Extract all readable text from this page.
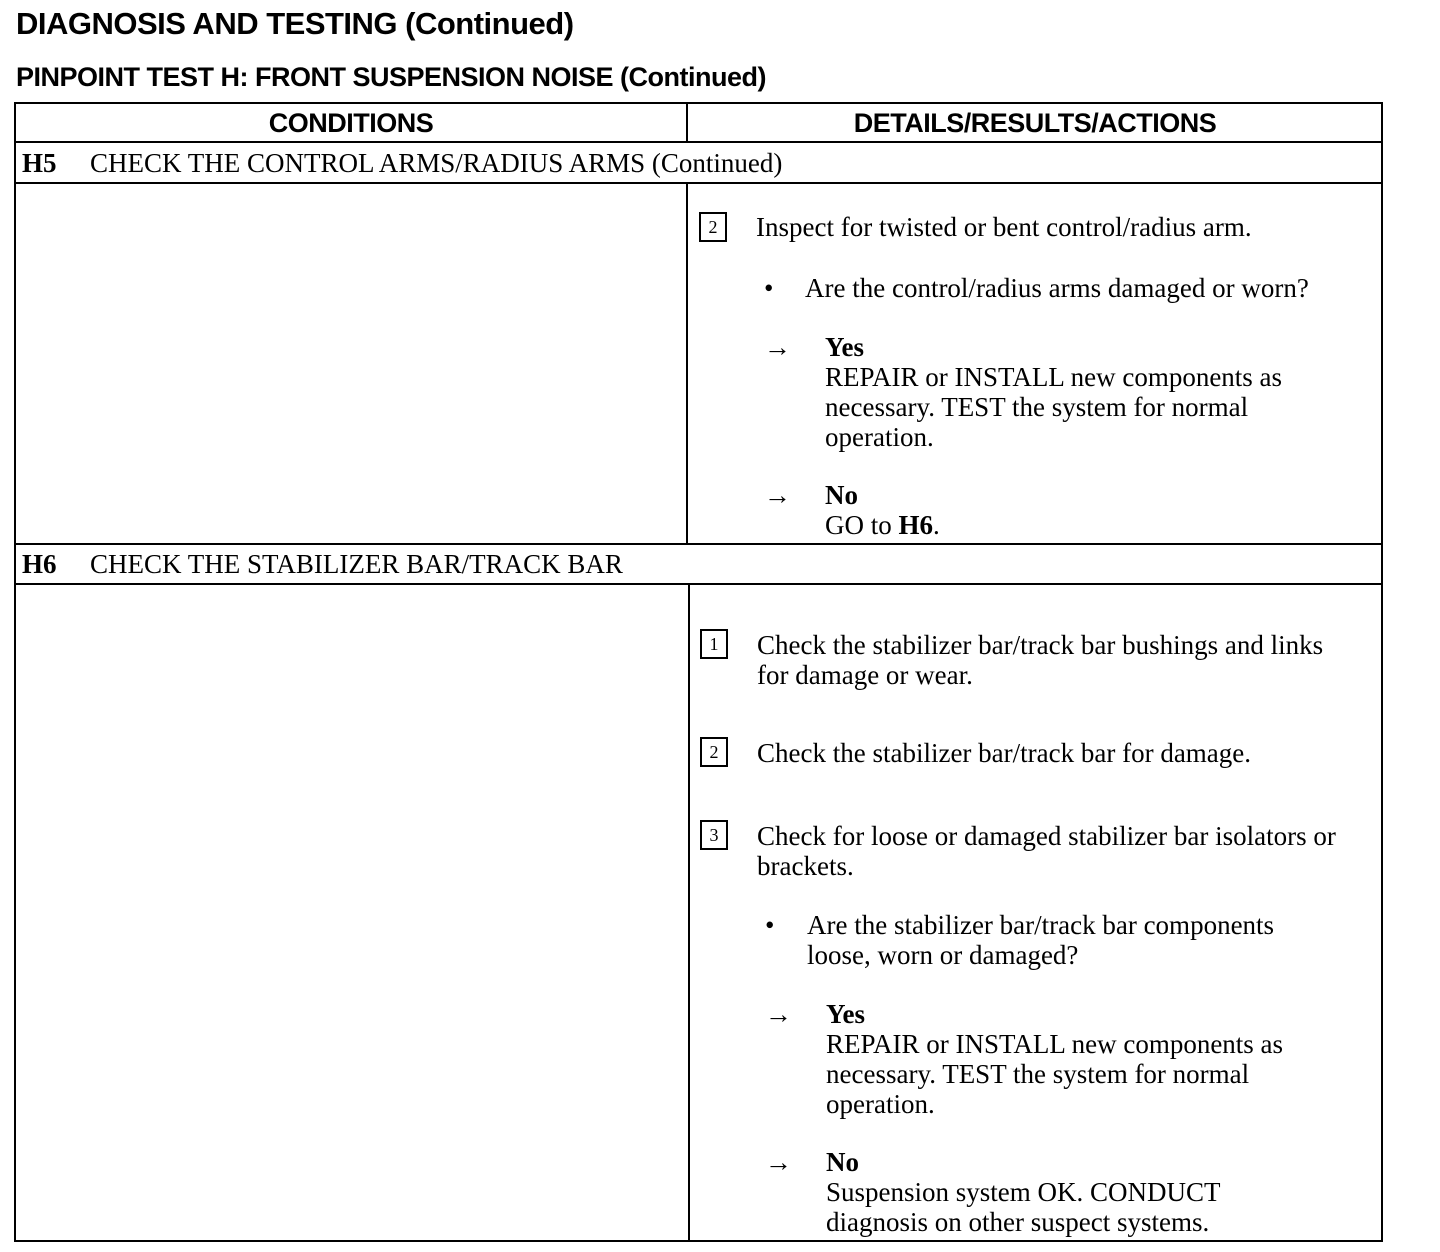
DIAGNOSIS AND TESTING (Continued)
PINPOINT TEST H: FRONT SUSPENSION NOISE (Continued)
CONDITIONS	DETAILS/RESULTS/ACTIONS
H5 CHECK THE CONTROL ARMS/RADIUS ARMS (Continued)
2	Inspect for twisted or bent control/radius arm.
• Are the control/radius arms damaged or worn?
→ Yes
REPAIR or INSTALL new components as necessary. TEST the system for normal operation.
→ No
GO to H6.
H6 CHECK THE STABILIZER BAR/TRACK BAR
1	Check the stabilizer bar/track bar bushings and links for damage or wear.
2	Check the stabilizer bar/track bar for damage.
3	Check for loose or damaged stabilizer bar isolators or brackets.
• Are the stabilizer bar/track bar components loose, worn or damaged?
→ Yes
REPAIR or INSTALL new components as necessary. TEST the system for normal operation.
→ No
Suspension system OK. CONDUCT diagnosis on other suspect systems.
